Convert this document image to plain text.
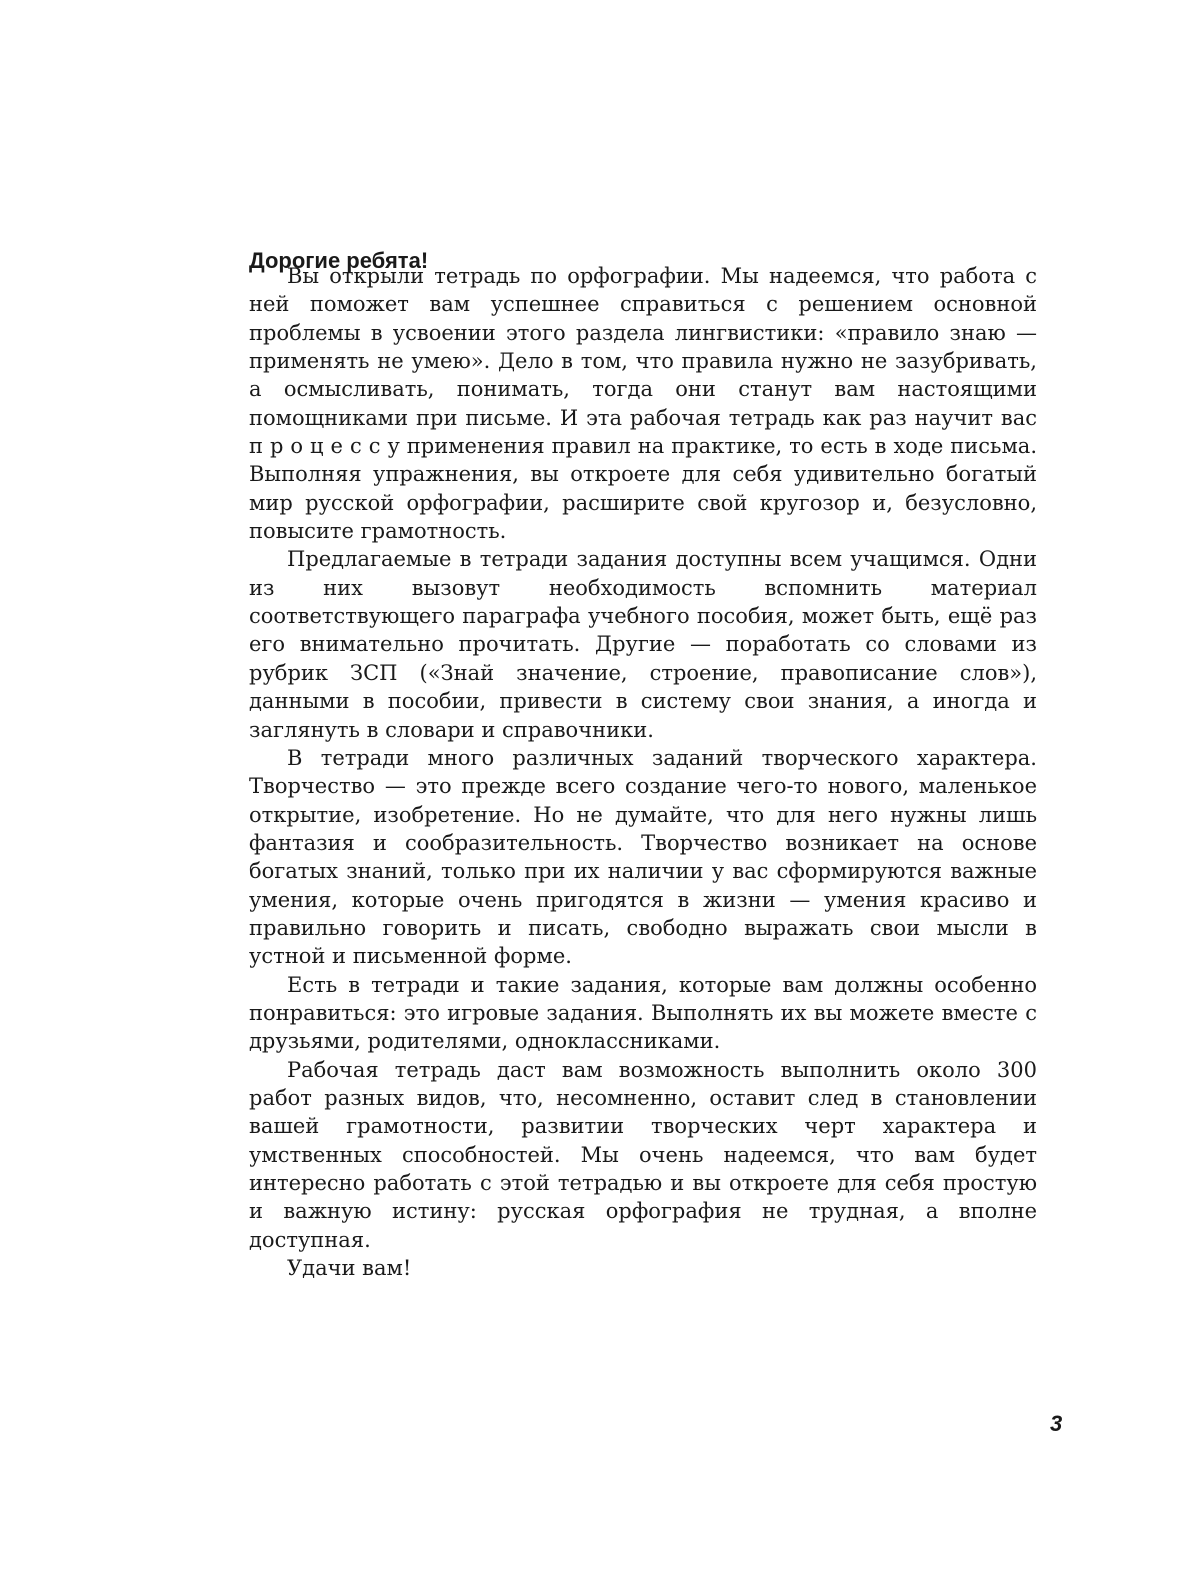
Дорогие ребята!

Вы открыли тетрадь по орфографии. Мы надеемся, что работа с ней поможет вам успешнее справиться с решением основной проблемы в усвоении этого раздела лингвистики: «правило знаю — применять не умею». Дело в том, что правила нужно не зазубривать, а осмысливать, понимать, тогда они станут вам настоящими помощниками при письме. И эта рабочая тетрадь как раз научит вас п р о ц е с с у применения правил на практике, то есть в ходе письма. Выполняя упражнения, вы откроете для себя удивительно богатый мир русской орфографии, расширите свой кругозор и, безусловно, повысите грамотность.

Предлагаемые в тетради задания доступны всем учащимся. Одни из них вызовут необходимость вспомнить материал соответствующего параграфа учебного пособия, может быть, ещё раз его внимательно прочитать. Другие — поработать со словами из рубрик ЗСП («Знай значение, строение, правописание слов»), данными в пособии, привести в систему свои знания, а иногда и заглянуть в словари и справочники.

В тетради много различных заданий творческого характера. Творчество — это прежде всего создание чего-то нового, маленькое открытие, изобретение. Но не думайте, что для него нужны лишь фантазия и сообразительность. Творчество возникает на основе богатых знаний, только при их наличии у вас сформируются важные умения, которые очень пригодятся в жизни — умения красиво и правильно говорить и писать, свободно выражать свои мысли в устной и письменной форме.

Есть в тетради и такие задания, которые вам должны особенно понравиться: это игровые задания. Выполнять их вы можете вместе с друзьями, родителями, одноклассниками.

Рабочая тетрадь даст вам возможность выполнить около 300 работ разных видов, что, несомненно, оставит след в становлении вашей грамотности, развитии творческих черт характера и умственных способностей. Мы очень надеемся, что вам будет интересно работать с этой тетрадью и вы откроете для себя простую и важную истину: русская орфография не трудная, а вполне доступная.

Удачи вам!

3
